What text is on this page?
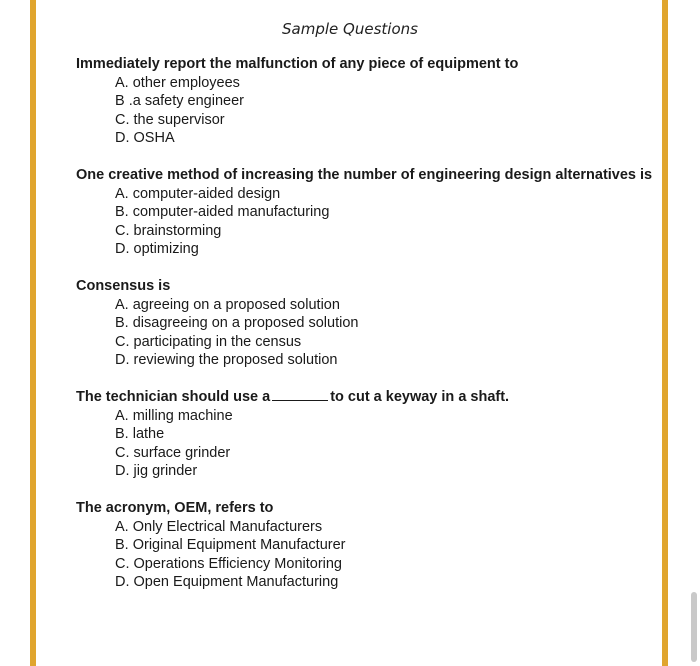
Sample Questions
Immediately report the malfunction of any piece of equipment to
A. other employees
B .a safety engineer
C. the supervisor
D. OSHA
One creative method of increasing the number of engineering design alternatives is
A. computer-aided design
B. computer-aided manufacturing
C. brainstorming
D. optimizing
Consensus is
A. agreeing on a proposed solution
B. disagreeing on a proposed solution
C. participating in the census
D. reviewing the proposed solution
The technician should use a	to cut a keyway in a shaft.
A. milling machine
B. lathe
C. surface grinder
D. jig grinder
The acronym, OEM, refers to
A. Only Electrical Manufacturers
B. Original Equipment Manufacturer
C. Operations Efficiency Monitoring
D. Open Equipment Manufacturing
